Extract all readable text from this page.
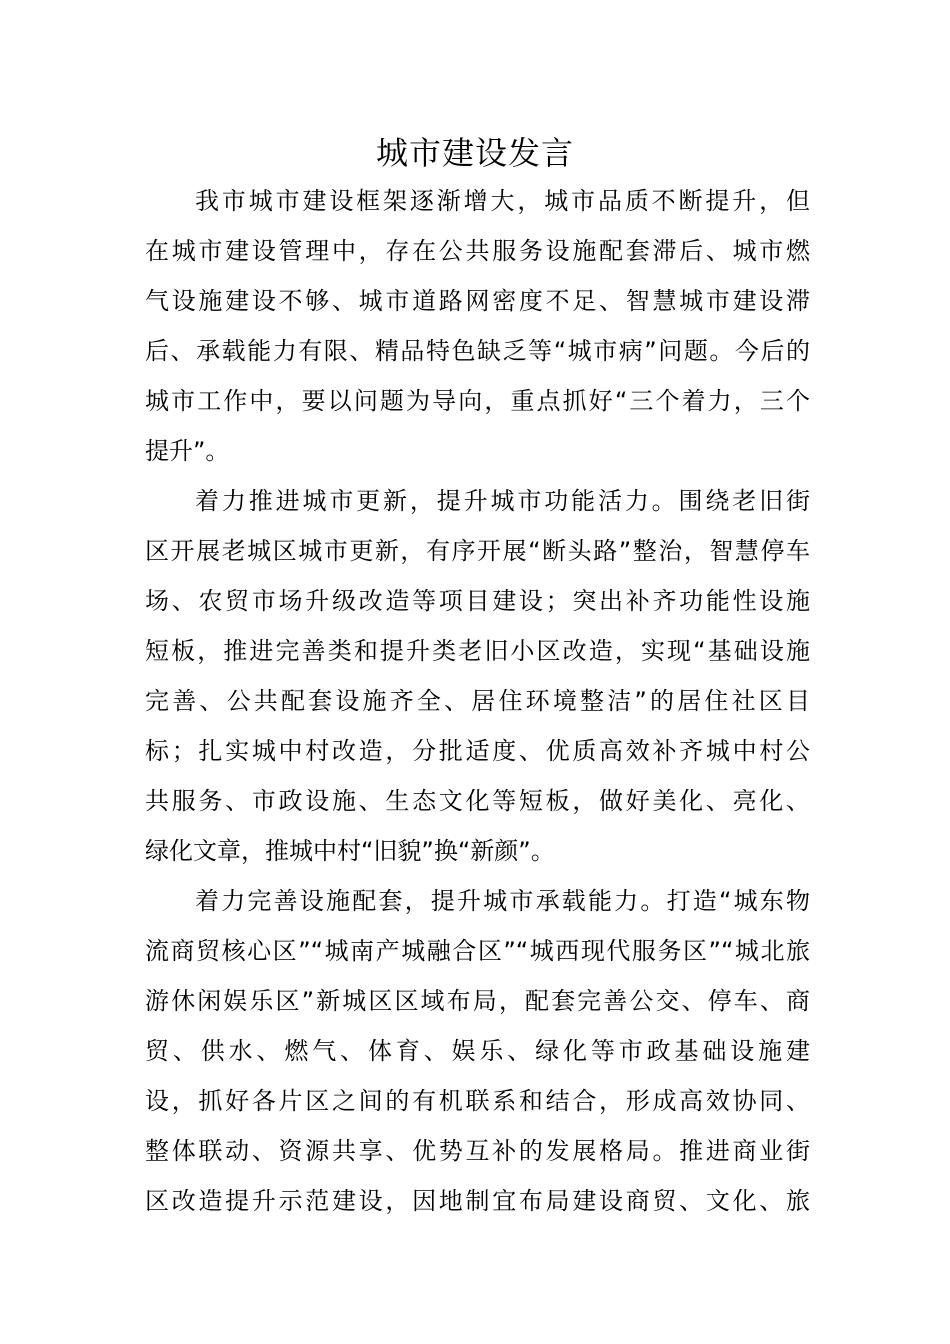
城市建设发言
我市城市建设框架逐渐增大，城市品质不断提升，但
在城市建设管理中，存在公共服务设施配套滞后、城市燃
气设施建设不够、城市道路网密度不足、智慧城市建设滞
后、承载能力有限、精品特色缺乏等“城市病”问题。今后的
城市工作中，要以问题为导向，重点抓好“三个着力，三个
提升”。
着力推进城市更新，提升城市功能活力。围绕老旧街
区开展老城区城市更新，有序开展“断头路”整治，智慧停车
场、农贸市场升级改造等项目建设；突出补齐功能性设施
短板，推进完善类和提升类老旧小区改造，实现“基础设施
完善、公共配套设施齐全、居住环境整洁”的居住社区目
标；扎实城中村改造，分批适度、优质高效补齐城中村公
共服务、市政设施、生态文化等短板，做好美化、亮化、
绿化文章，推城中村“旧貌”换“新颜”。
着力完善设施配套，提升城市承载能力。打造“城东物
流商贸核心区”“城南产城融合区”“城西现代服务区”“城北旅
游休闲娱乐区”新城区区域布局，配套完善公交、停车、商
贸、供水、燃气、体育、娱乐、绿化等市政基础设施建
设，抓好各片区之间的有机联系和结合，形成高效协同、
整体联动、资源共享、优势互补的发展格局。推进商业街
区改造提升示范建设，因地制宜布局建设商贸、文化、旅
